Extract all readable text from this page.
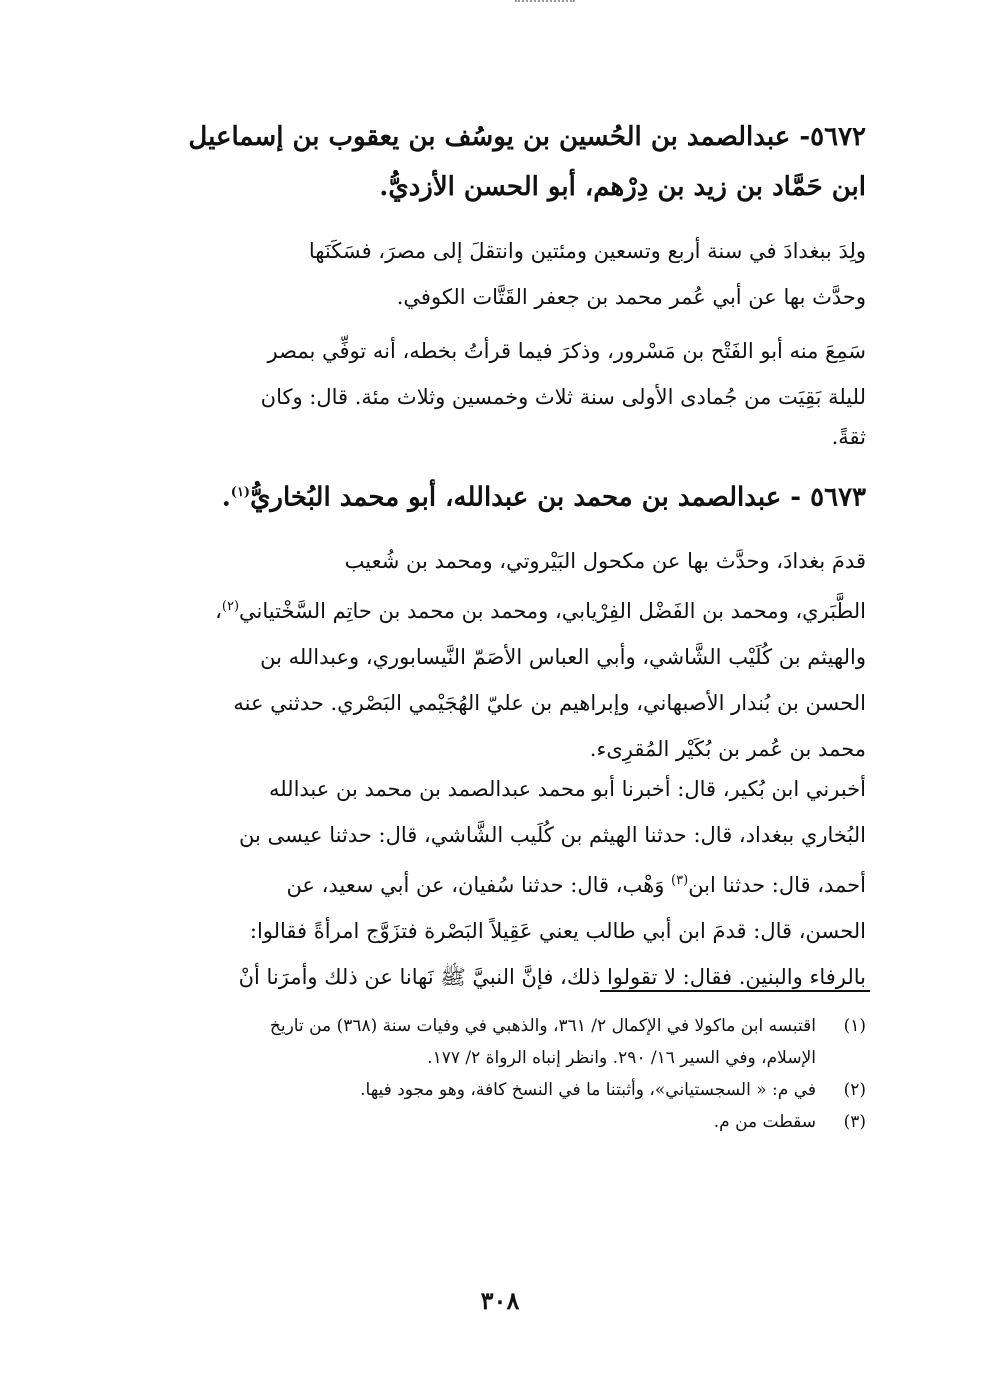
٥٦٧٢- عبدالصمد بن الحُسين بن يوسُف بن يعقوب بن إسماعيل
ابن حَمَّاد بن زيد بن دِرْهم، أبو الحسن الأزديُّ.
ولِدَ ببغدادَ في سنة أربع وتسعين ومئتين وانتقلَ إلى مصرَ، فسَكَنَها
وحدَّث بها عن أبي عُمر محمد بن جعفر القَتَّات الكوفي.
سَمِعَ منه أبو الفَتْح بن مَسْرور، وذكرَ فيما قرأتُ بخطه، أنه توفِّي بمصر
لليلة بَقِيَت من جُمادى الأولى سنة ثلاث وخمسين وثلاث مئة. قال: وكان
ثقةً.
٥٦٧٣ - عبدالصمد بن محمد بن عبدالله، أبو محمد البُخاريُّ$^{(١)}$.
قدمَ بغدادَ، وحدَّث بها عن مكحول البَيْروتي، ومحمد بن شُعيب
الطَّبَري، ومحمد بن الفَضْل الفِرْيابي، ومحمد بن محمد بن حاتِم السَّخْتياني$^{(٢)}$،
والهيثم بن كُلَيْب الشَّاشي، وأبي العباس الأصَمّ النَّيسابوري، وعبدالله بن
الحسن بن بُندار الأصبهاني، وإبراهيم بن عليّ الهُجَيْمي البَصْري. حدثني عنه
محمد بن عُمر بن بُكَيْر المُقرِىء.
أخبرني ابن بُكير، قال: أخبرنا أبو محمد عبدالصمد بن محمد بن عبدالله
البُخاري ببغداد، قال: حدثنا الهيثم بن كُلَيب الشَّاشي، قال: حدثنا عيسى بن
أحمد، قال: حدثنا ابن$^{(٣)}$ وَهْب، قال: حدثنا سُفيان، عن أبي سعيد، عن
الحسن، قال: قدمَ ابن أبي طالب يعني عَقِيلاً البَصْرة فتزَوَّج امرأةً فقالوا:
بالرفاء والبنين. فقال: لا تقولوا ذلك، فإنَّ النبيَّ ﷺ نَهانا عن ذلك وأمرَنا أنْ
(١)
اقتبسه ابن ماكولا في الإكمال ٢/ ٣٦١، والذهبي في وفيات سنة (٣٦٨) من تاريخ
الإسلام، وفي السير ١٦/ ٢٩٠. وانظر إنباه الرواة ٢/ ١٧٧.
(٢)
في م: « السجستياني»، وأثبتنا ما في النسخ كافة، وهو مجود فيها.
(٣)
سقطت من م.
٣٠٨
